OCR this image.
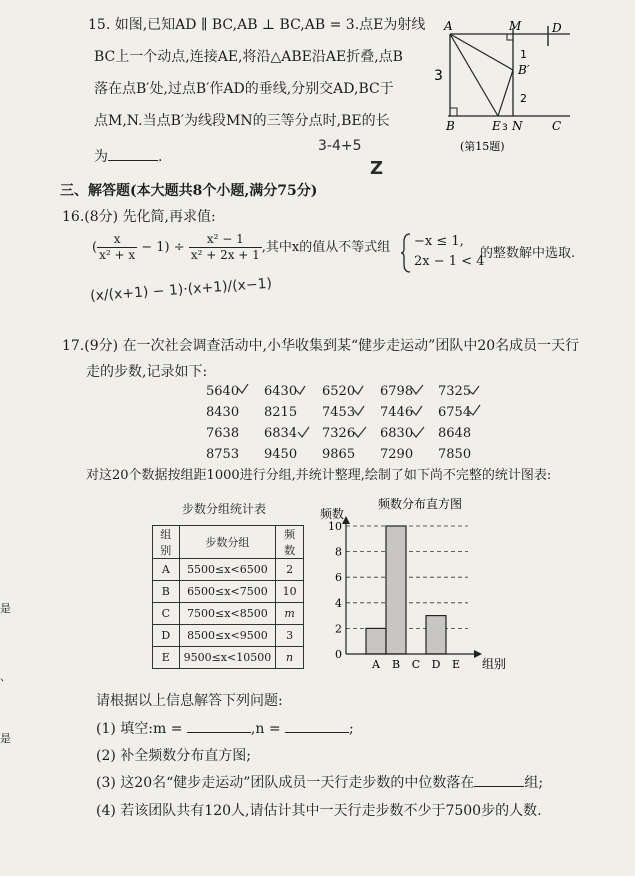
15. 如图,已知AD ∥ BC,AB ⊥ BC,AB = 3.点E为射线
BC上一个动点,连接AE,将沿△ABE沿AE折叠,点B
落在点B′处,过点B′作AD的垂线,分别交AD,BC于
点M,N.当点B′为线段MN的三等分点时,BE的长
为	.
3-4+5
Z
A	M	D
B′
B	E N C
3
1
2
3
(第15题)
三、解答题(本大题共8个小题,满分75分)
16.(8分) 先化简,再求值:
( $\frac{x}{\text{x² + x}} - 1) \div \frac{\text{x² − 1}}{\text{x² + 2x + 1}}$ ,其中x的值从不等式组 −x ≤ 1,
2x − 1 < 4
的整数解中选取.
(x/(x+1) − 1)·(x+1)/(x−1)
17.(9分) 在一次社会调查活动中,小华收集到某“健步走运动”团队中20名成员一天行
走的步数,记录如下:
5640 6430 6520 6798 7325
8430 8215 7453 7446 6754
7638 6834 7326 6830 8648
8753 9450 9865 7290 7850
对这20个数据按组距1000进行分组,并统计整理,绘制了如下尚不完整的统计图表:
步数分组统计表
组别	步数分组	频数
A	5500≤x<6500	2
B	6500≤x<7500	10
C	7500≤x<8500	m
D	8500≤x<9500	3
E	9500≤x<10500	n
频数分布直方图
频数
组别
0
2
4
6
8
10
A B C D E
请根据以上信息解答下列问题:
(1) 填空:m =	,n =	;
(2) 补全频数分布直方图;
(3) 这20名“健步走运动”团队成员一天行走步数的中位数落在	组;
(4) 若该团队共有120人,请估计其中一天行走步数不少于7500步的人数.
是
、
是
